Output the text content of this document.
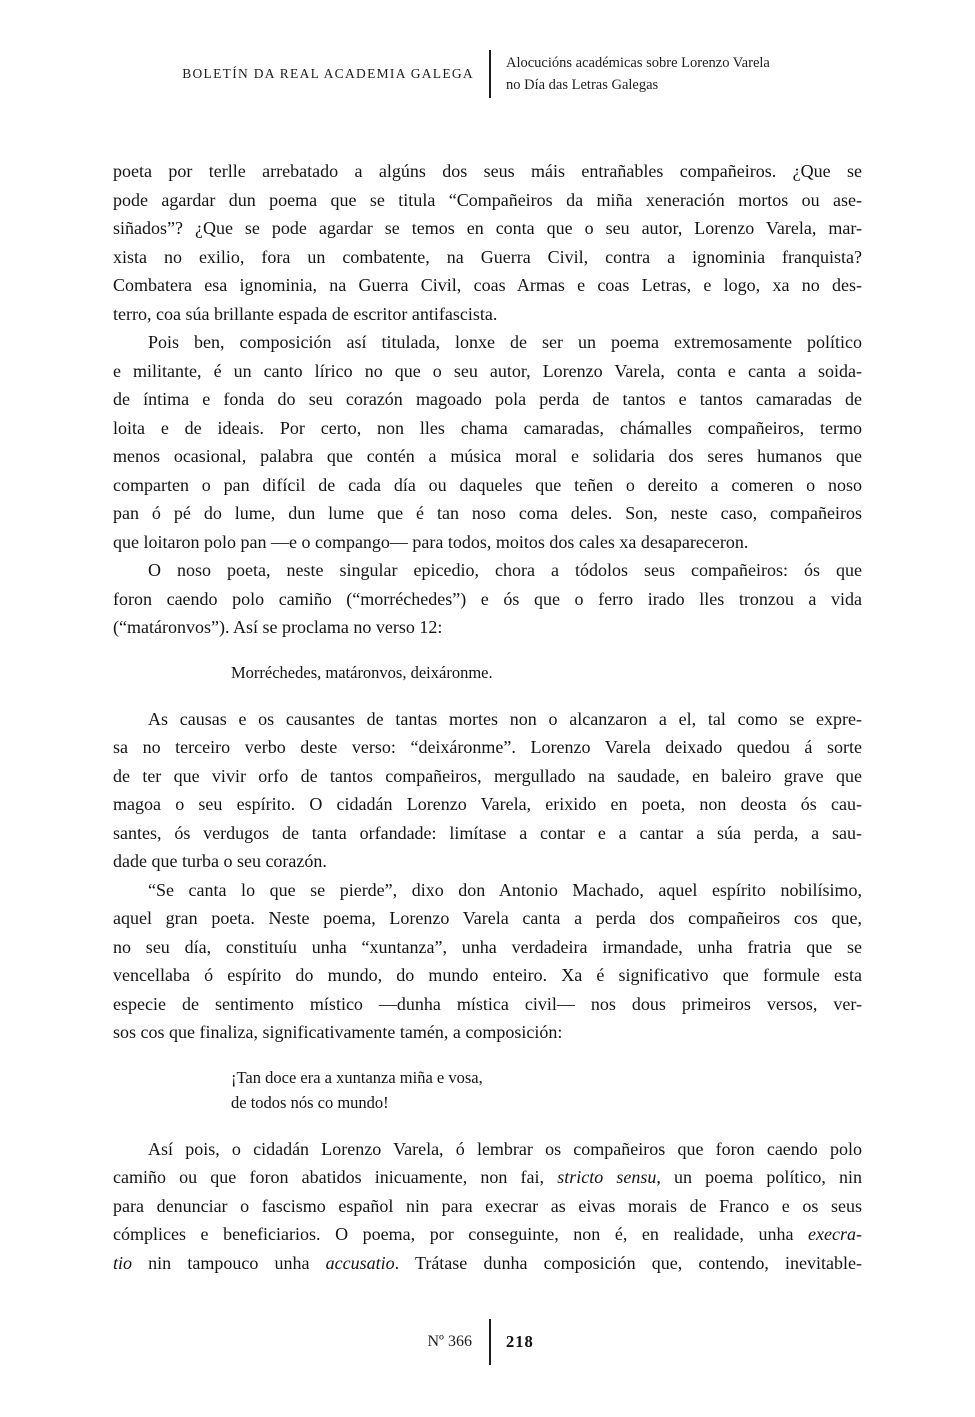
BOLETÍN DA REAL ACADEMIA GALEGA
Alocucións académicas sobre Lorenzo Varela
no Día das Letras Galegas
poeta por terlle arrebatado a algúns dos seus máis entrañables compañeiros. ¿Que se
pode agardar dun poema que se titula “Compañeiros da miña xeneración mortos ou ase-
siñados”? ¿Que se pode agardar se temos en conta que o seu autor, Lorenzo Varela, mar-
xista no exilio, fora un combatente, na Guerra Civil, contra a ignominia franquista?
Combatera esa ignominia, na Guerra Civil, coas Armas e coas Letras, e logo, xa no des-
terro, coa súa brillante espada de escritor antifascista.
Pois ben, composición así titulada, lonxe de ser un poema extremosamente político
e militante, é un canto lírico no que o seu autor, Lorenzo Varela, conta e canta a soida-
de íntima e fonda do seu corazón magoado pola perda de tantos e tantos camaradas de
loita e de ideais. Por certo, non lles chama camaradas, chámalles compañeiros, termo
menos ocasional, palabra que contén a música moral e solidaria dos seres humanos que
comparten o pan difícil de cada día ou daqueles que teñen o dereito a comeren o noso
pan ó pé do lume, dun lume que é tan noso coma deles. Son, neste caso, compañeiros
que loitaron polo pan —e o compango— para todos, moitos dos cales xa desapareceron.
O noso poeta, neste singular epicedio, chora a tódolos seus compañeiros: ós que
foron caendo polo camiño (“morréchedes”) e ós que o ferro irado lles tronzou a vida
(“matáronvos”). Así se proclama no verso 12:
Morréchedes, matáronvos, deixáronme.
As causas e os causantes de tantas mortes non o alcanzaron a el, tal como se expre-
sa no terceiro verbo deste verso: “deixáronme”. Lorenzo Varela deixado quedou á sorte
de ter que vivir orfo de tantos compañeiros, mergullado na saudade, en baleiro grave que
magoa o seu espírito. O cidadán Lorenzo Varela, erixido en poeta, non deosta ós cau-
santes, ós verdugos de tanta orfandade: limítase a contar e a cantar a súa perda, a sau-
dade que turba o seu corazón.
“Se canta lo que se pierde”, dixo don Antonio Machado, aquel espírito nobilísimo,
aquel gran poeta. Neste poema, Lorenzo Varela canta a perda dos compañeiros cos que,
no seu día, constituíu unha “xuntanza”, unha verdadeira irmandade, unha fratria que se
vencellaba ó espírito do mundo, do mundo enteiro. Xa é significativo que formule esta
especie de sentimento místico —dunha mística civil— nos dous primeiros versos, ver-
sos cos que finaliza, significativamente tamén, a composición:
¡Tan doce era a xuntanza miña e vosa,
de todos nós co mundo!
Así pois, o cidadán Lorenzo Varela, ó lembrar os compañeiros que foron caendo polo
camiño ou que foron abatidos inicuamente, non fai, stricto sensu, un poema político, nin
para denunciar o fascismo español nin para execrar as eivas morais de Franco e os seus
cómplices e beneficiarios. O poema, por conseguinte, non é, en realidade, unha execra-
tio nin tampouco unha accusatio. Trátase dunha composición que, contendo, inevitable-
Nº 366	218
